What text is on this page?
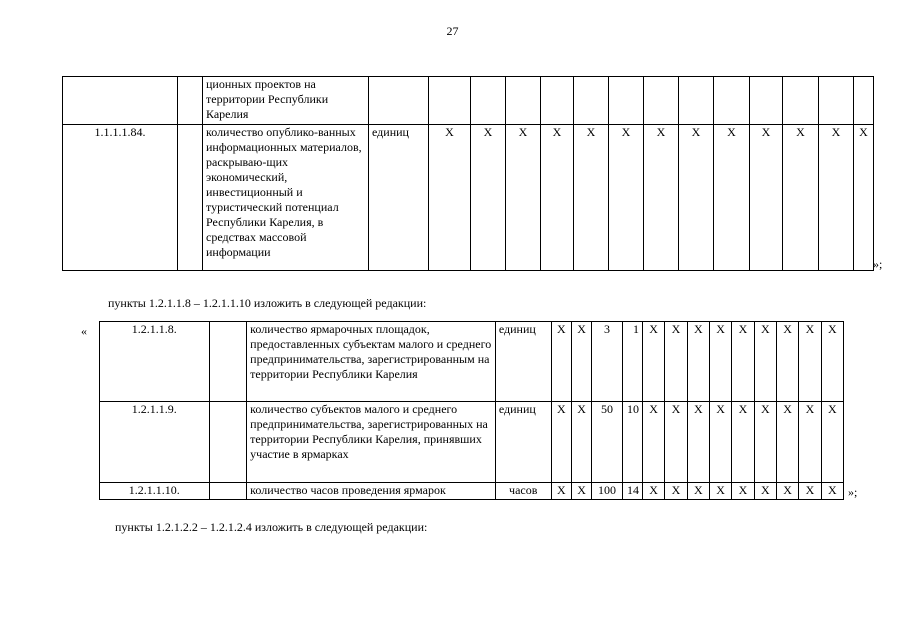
27
		ционных проектов на территории Республики Карелия														
1.1.1.1.84.		количество опублико-ванных информационных материалов, раскрываю-щих экономический, инвестиционный и туристический потенциал Республики Карелия, в средствах массовой информации	единиц	Х	Х	Х	Х	Х	Х	Х	Х	Х	Х	Х	Х	Х
»;
пункты 1.2.1.1.8 – 1.2.1.1.10 изложить в следующей редакции:
«	1.2.1.1.8.		количество ярмарочных площадок, предоставленных субъектам малого и среднего предпринимательства, зарегистрированным на территории Республики Карелия	единиц	Х	Х	3	1	Х	Х	Х	Х	Х	Х	Х	Х	Х
1.2.1.1.9.		количество субъектов малого и среднего предпринимательства, зарегистрированных на территории Республики Карелия, принявших участие в ярмарках	единиц	Х	Х	50	10	Х	Х	Х	Х	Х	Х	Х	Х	Х
1.2.1.1.10.		количество часов проведения ярмарок	часов	Х	Х	100	14	Х	Х	Х	Х	Х	Х	Х	Х	Х »;
пункты 1.2.1.2.2 – 1.2.1.2.4 изложить в следующей редакции:
